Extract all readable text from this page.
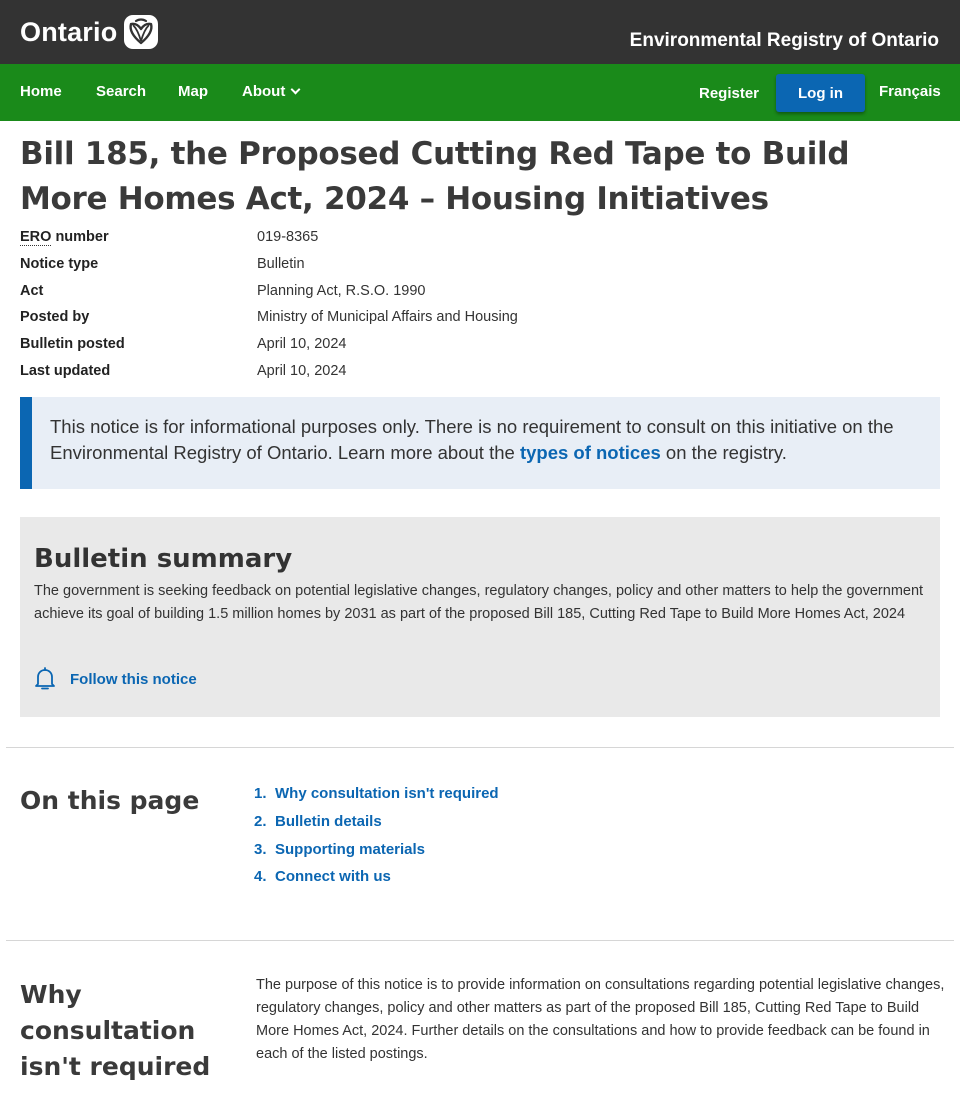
Ontario	Environmental Registry of Ontario
Home Search Map About	Register	Français
Log in
Bill 185, the Proposed Cutting Red Tape to Build More Homes Act, 2024 – Housing Initiatives
ERO number	019-8365
Notice type	Bulletin
Act	Planning Act, R.S.O. 1990
Posted by	Ministry of Municipal Affairs and Housing
Bulletin posted	April 10, 2024
Last updated	April 10, 2024
This notice is for informational purposes only. There is no requirement to consult on this initiative on the Environmental Registry of Ontario. Learn more about the types of notices on the registry.
Bulletin summary

The government is seeking feedback on potential legislative changes, regulatory changes, policy and other matters to help the government achieve its goal of building 1.5 million homes by 2031 as part of the proposed Bill 185, Cutting Red Tape to Build More Homes Act, 2024

Follow this notice
On this page	1. Why consultation isn't required
2. Bulletin details
3. Supporting materials
4. Connect with us
Why consultation isn't required
The purpose of this notice is to provide information on consultations regarding potential legislative changes, regulatory changes, policy and other matters as part of the proposed Bill 185, Cutting Red Tape to Build More Homes Act, 2024. Further details on the consultations and how to provide feedback can be found in each of the listed postings.
